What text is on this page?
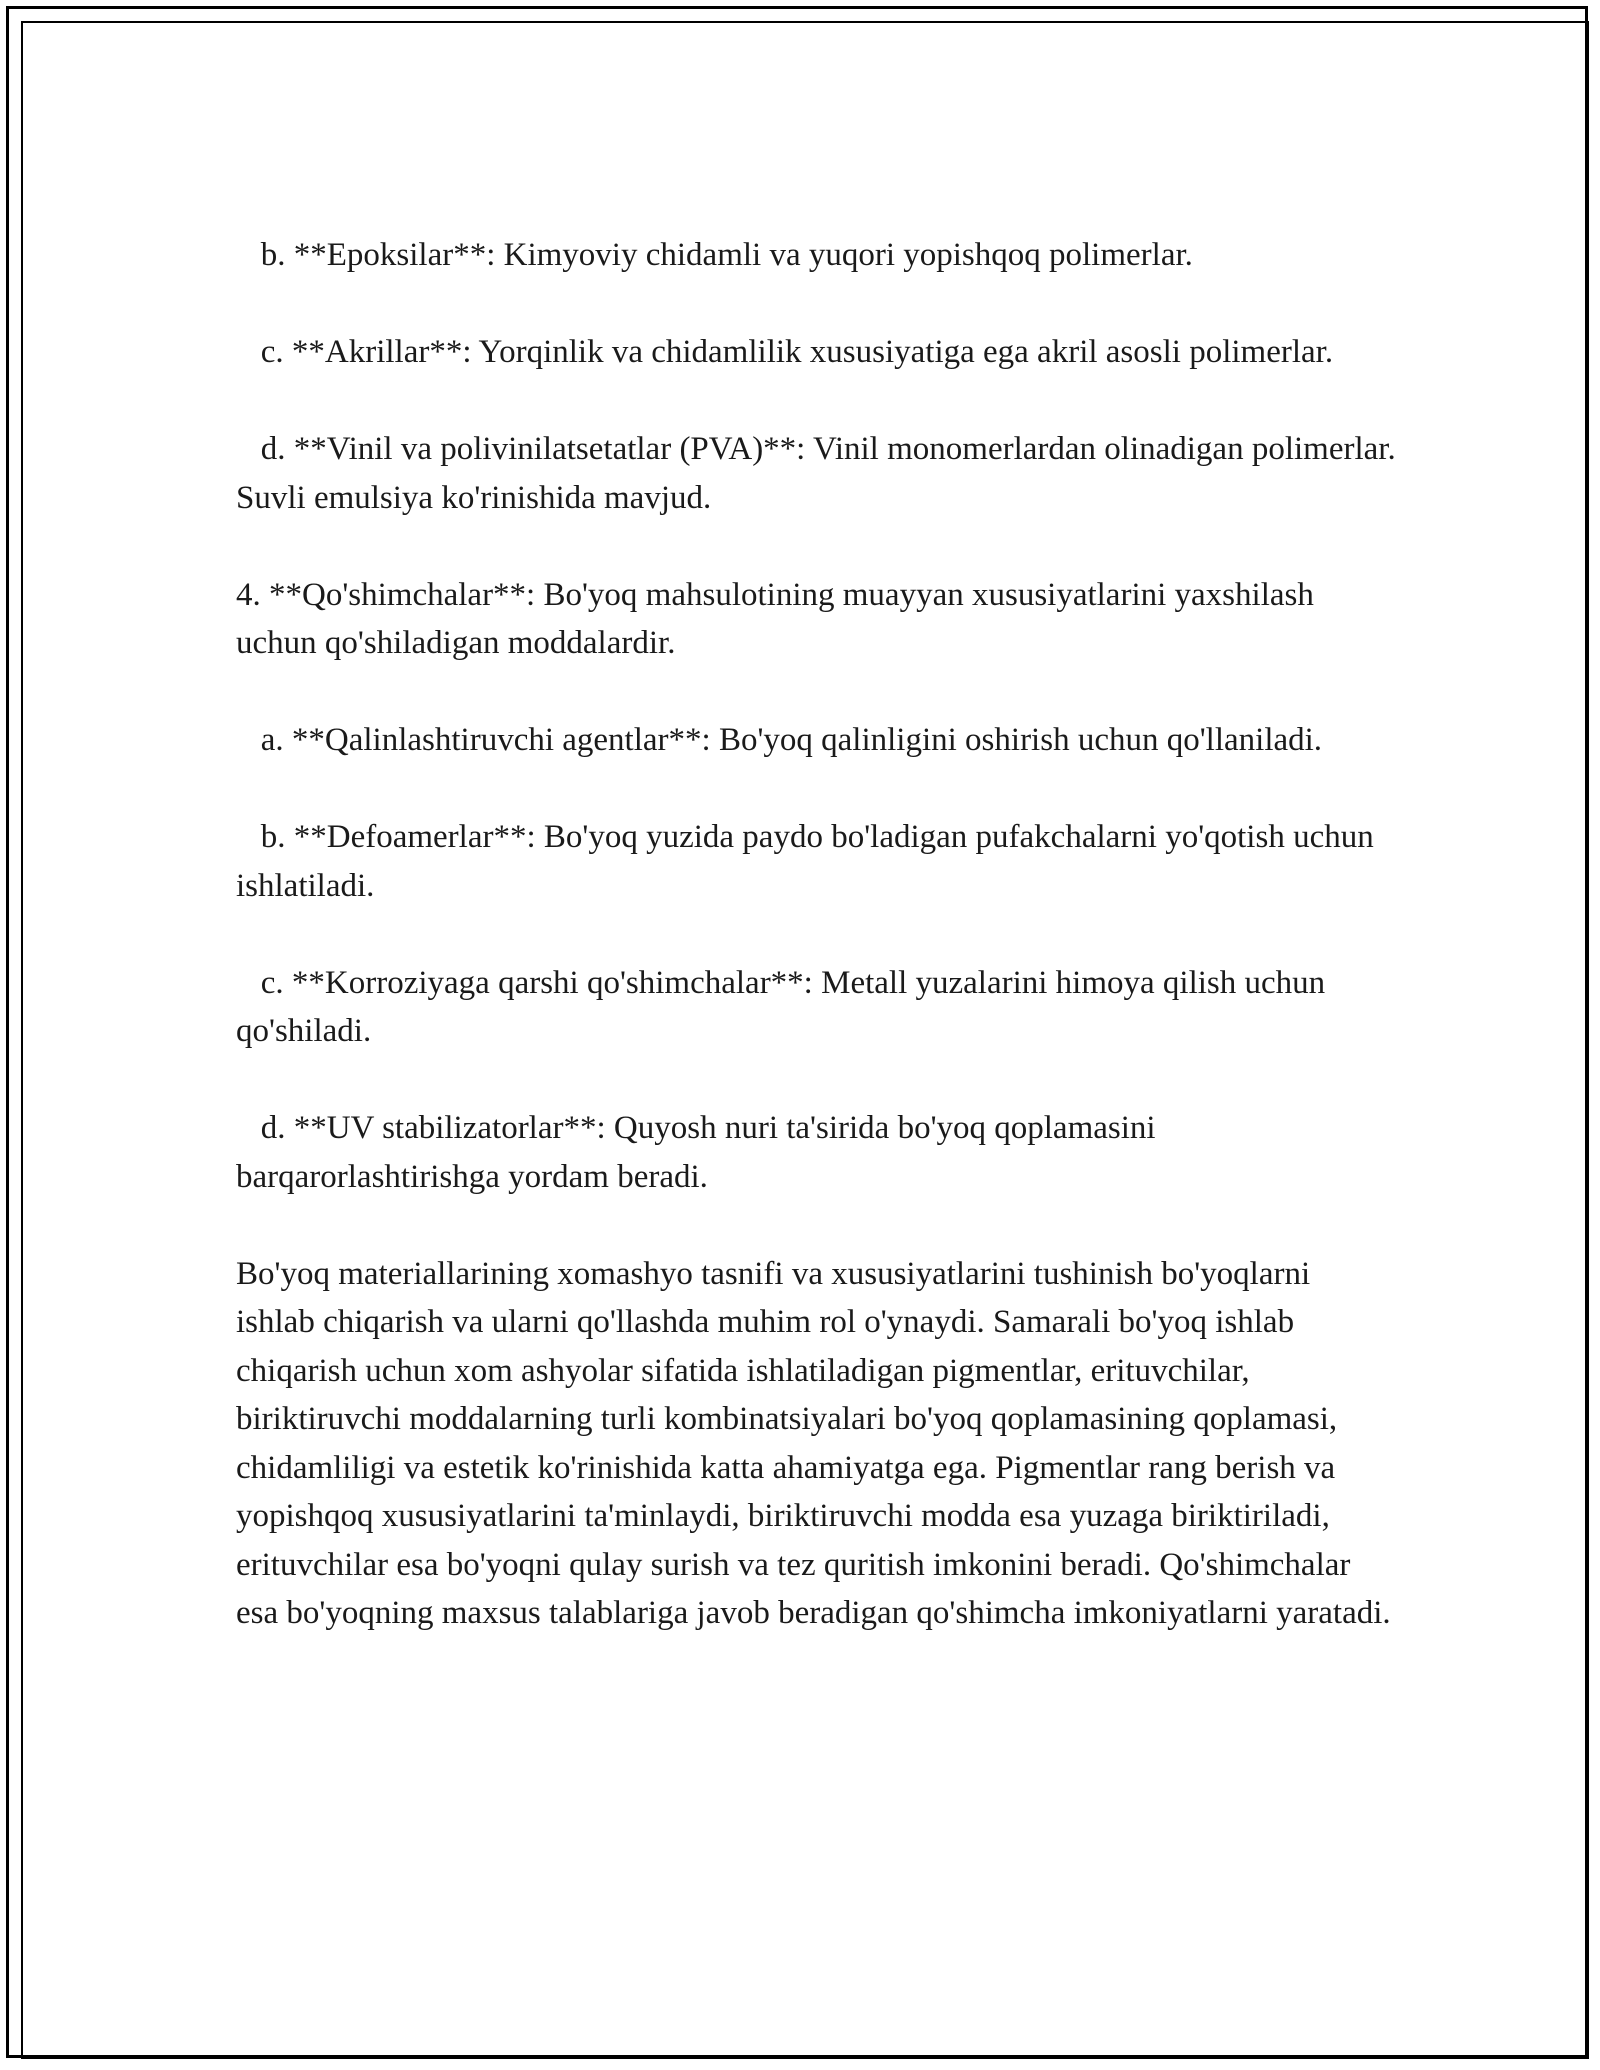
b. **Epoksilar**: Kimyoviy chidamli va yuqori yopishqoq polimerlar.

c. **Akrillar**: Yorqinlik va chidamlilik xususiyatiga ega akril asosli polimerlar.

d. **Vinil va polivinilatsetatlar (PVA)**: Vinil monomerlardan olinadigan polimerlar. Suvli emulsiya ko'rinishida mavjud.

4. **Qo'shimchalar**: Bo'yoq mahsulotining muayyan xususiyatlarini yaxshilash uchun qo'shiladigan moddalardir.

a. **Qalinlashtiruvchi agentlar**: Bo'yoq qalinligini oshirish uchun qo'llaniladi.

b. **Defoamerlar**: Bo'yoq yuzida paydo bo'ladigan pufakchalarni yo'qotish uchun ishlatiladi.

c. **Korroziyaga qarshi qo'shimchalar**: Metall yuzalarini himoya qilish uchun qo'shiladi.

d. **UV stabilizatorlar**: Quyosh nuri ta'sirida bo'yoq qoplamasini barqarorlashtirishga yordam beradi.

Bo'yoq materiallarining xomashyo tasnifi va xususiyatlarini tushinish bo'yoqlarni ishlab chiqarish va ularni qo'llashda muhim rol o'ynaydi. Samarali bo'yoq ishlab chiqarish uchun xom ashyolar sifatida ishlatiladigan pigmentlar, erituvchilar, biriktiruvchi moddalarning turli kombinatsiyalari bo'yoq qoplamasining qoplamasi, chidamliligi va estetik ko'rinishida katta ahamiyatga ega. Pigmentlar rang berish va yopishqoq xususiyatlarini ta'minlaydi, biriktiruvchi modda esa yuzaga biriktiriladi, erituvchilar esa bo'yoqni qulay surish va tez quritish imkonini beradi. Qo'shimchalar esa bo'yoqning maxsus talablariga javob beradigan qo'shimcha imkoniyatlarni yaratadi.
